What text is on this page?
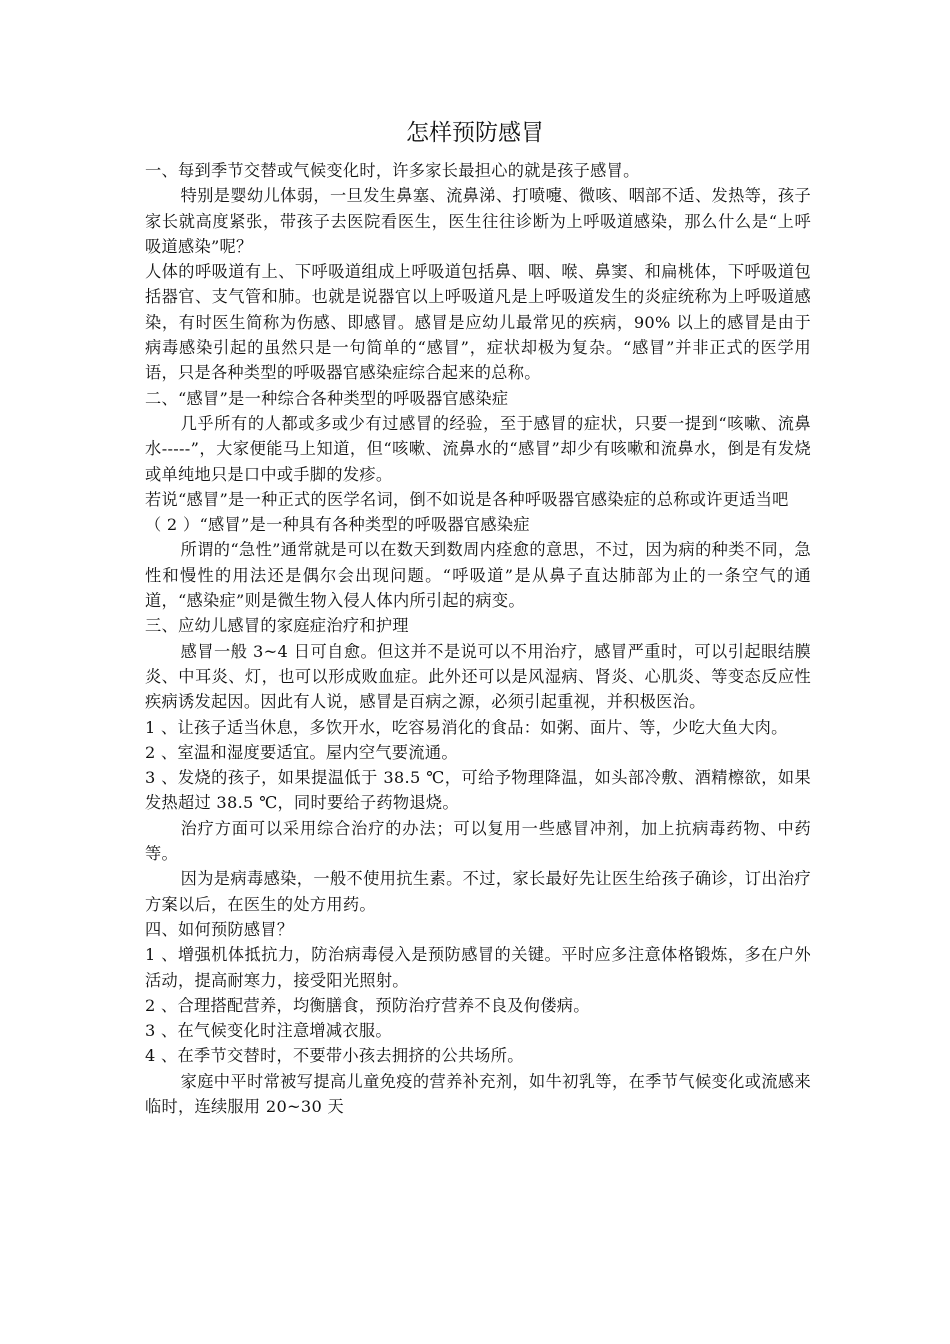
怎样预防感冒

一、每到季节交替或气候变化时，许多家长最担心的就是孩子感冒。

特别是婴幼儿体弱，一旦发生鼻塞、流鼻涕、打喷嚏、微咳、咽部不适、发热等，孩子家长就高度紧张，带孩子去医院看医生，医生往往诊断为上呼吸道感染，那么什么是“上呼吸道感染”呢？

人体的呼吸道有上、下呼吸道组成上呼吸道包括鼻、咽、喉、鼻窦、和扁桃体，下呼吸道包括器官、支气管和肺。也就是说器官以上呼吸道凡是上呼吸道发生的炎症统称为上呼吸道感染，有时医生简称为伤感、即感冒。感冒是应幼儿最常见的疾病，90% 以上的感冒是由于病毒感染引起的虽然只是一句简单的“感冒”，症状却极为复杂。“感冒”并非正式的医学用语，只是各种类型的呼吸器官感染症综合起来的总称。

二、“感冒”是一种综合各种类型的呼吸器官感染症

几乎所有的人都或多或少有过感冒的经验，至于感冒的症状，只要一提到“咳嗽、流鼻水-----”，大家便能马上知道，但“咳嗽、流鼻水的“感冒”却少有咳嗽和流鼻水，倒是有发烧或单纯地只是口中或手脚的发疹。

若说“感冒”是一种正式的医学名词，倒不如说是各种呼吸器官感染症的总称或许更适当吧

（ 2 ）“感冒”是一种具有各种类型的呼吸器官感染症

所谓的“急性”通常就是可以在数天到数周内痊愈的意思，不过，因为病的种类不同，急性和慢性的用法还是偶尔会出现问题。“呼吸道”是从鼻子直达肺部为止的一条空气的通道，“感染症”则是微生物入侵人体内所引起的病变。

三、应幼儿感冒的家庭症治疗和护理

感冒一般 3~4 日可自愈。但这并不是说可以不用治疗，感冒严重时，可以引起眼结膜炎、中耳炎、灯，也可以形成败血症。此外还可以是风湿病、肾炎、心肌炎、等变态反应性疾病诱发起因。因此有人说，感冒是百病之源，必须引起重视，并积极医治。

1 、让孩子适当休息，多饮开水，吃容易消化的食品：如粥、面片、等，少吃大鱼大肉。

2 、室温和湿度要适宜。屋内空气要流通。

3 、发烧的孩子，如果提温低于 38.5 ℃，可给予物理降温，如头部冷敷、酒精檫欲，如果发热超过 38.5 ℃，同时要给子药物退烧。

治疗方面可以采用综合治疗的办法；可以复用一些感冒冲剂，加上抗病毒药物、中药等。

因为是病毒感染，一般不使用抗生素。不过，家长最好先让医生给孩子确诊，订出治疗方案以后，在医生的处方用药。

四、如何预防感冒？

1 、增强机体抵抗力，防治病毒侵入是预防感冒的关键。平时应多注意体格锻炼，多在户外活动，提高耐寒力，接受阳光照射。

2 、合理搭配营养，均衡膳食，预防治疗营养不良及佝偻病。

3 、在气候变化时注意增减衣服。

4 、在季节交替时，不要带小孩去拥挤的公共场所。

家庭中平时常被写提高儿童免疫的营养补充剂，如牛初乳等，在季节气候变化或流感来临时，连续服用 20~30 天
